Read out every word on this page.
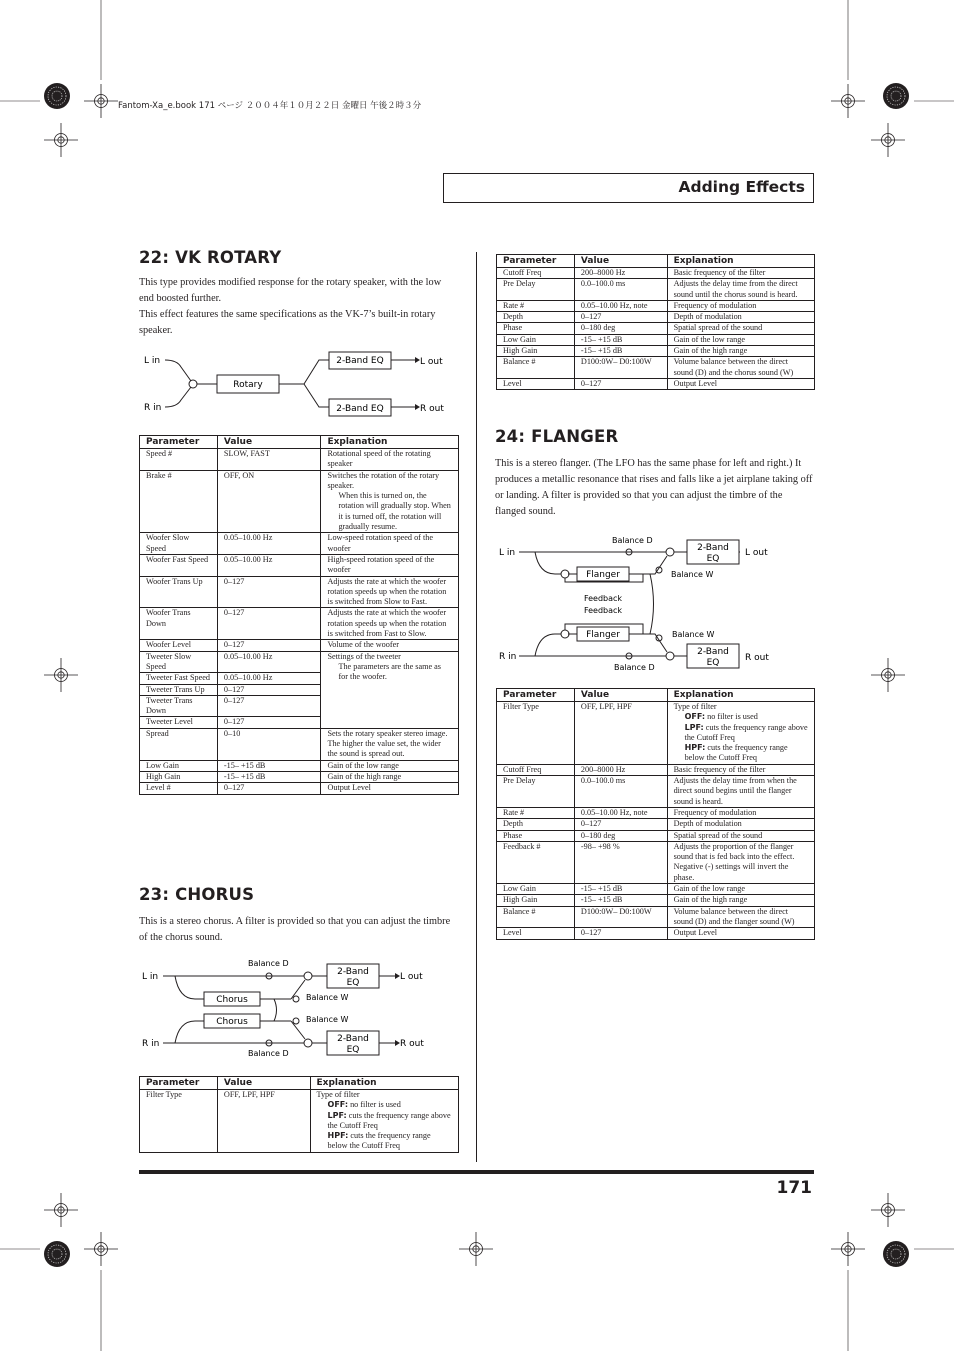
Fantom-Xa_e.book 171 ページ ２００４年１０月２２日 金曜日 午後２時３分
Adding Effects
22: VK ROTARY
This type provides modified response for the rotary speaker, with the low end boosted further.
This effect features the same specifications as the VK-7’s built-in rotary speaker.
L in
R in
Rotary
2-Band EQ
2-Band EQ
L out
R out
Parameter	Value	Explanation
Speed #	SLOW, FAST	Rotational speed of the rotating speaker
Brake #	OFF, ON	Switches the rotation of the rotary speaker.
When this is turned on, the rotation will gradually stop. When it is turned off, the rotation will gradually resume.

Woofer Slow Speed	0.05–10.00 Hz	Low-speed rotation speed of the woofer
Woofer Fast Speed	0.05–10.00 Hz	High-speed rotation speed of the woofer
Woofer Trans Up	0–127	Adjusts the rate at which the woofer rotation speeds up when the rotation is switched from Slow to Fast.
Woofer Trans Down	0–127	Adjusts the rate at which the woofer rotation speeds up when the rotation is switched from Fast to Slow.
Woofer Level	0–127	Volume of the woofer
Tweeter Slow Speed	0.05–10.00 Hz	Settings of the tweeter
The parameters are the same as for the woofer.

Tweeter Fast Speed	0.05–10.00 Hz	
Tweeter Trans Up	0–127	
Tweeter Trans Down	0–127	
Tweeter Level	0–127	
Spread	0–10	Sets the rotary speaker stereo image. The higher the value set, the wider the sound is spread out.
Low Gain	-15– +15 dB	Gain of the low range
High Gain	-15– +15 dB	Gain of the high range
Level #	0–127	Output Level
23: CHORUS
This is a stereo chorus. A filter is provided so that you can adjust the timbre of the chorus sound.
L in
R in
Chorus
Chorus
2-Band
EQ
2-Band
EQ
Balance D
Balance D
Balance W
Balance W
L out
R out
Parameter	Value	Explanation
Filter Type	OFF, LPF, HPF	Type of filter
OFF: no filter is used
LPF: cuts the frequency range above the Cutoff Freq
HPF: cuts the frequency range below the Cutoff Freq
Parameter	Value	Explanation
Cutoff Freq	200–8000 Hz	Basic frequency of the filter
Pre Delay	0.0–100.0 ms	Adjusts the delay time from the direct sound until the chorus sound is heard.
Rate #	0.05–10.00 Hz, note	Frequency of modulation
Depth	0–127	Depth of modulation
Phase	0–180 deg	Spatial spread of the sound
Low Gain	-15– +15 dB	Gain of the low range
High Gain	-15– +15 dB	Gain of the high range
Balance #	D100:0W– D0:100W	Volume balance between the direct sound (D) and the chorus sound (W)
Level	0–127	Output Level
24: FLANGER
This is a stereo flanger. (The LFO has the same phase for left and right.) It produces a metallic resonance that rises and falls like a jet airplane taking off or landing. A filter is provided so that you can adjust the timbre of the flanged sound.
L in
R in
Flanger
Flanger
Feedback
Feedback
2-Band
EQ
2-Band
EQ
Balance D
Balance D
Balance W
Balance W
L out
R out
Parameter	Value	Explanation
Filter Type	OFF, LPF, HPF	Type of filter
OFF: no filter is used
LPF: cuts the frequency range above the Cutoff Freq
HPF: cuts the frequency range below the Cutoff Freq

Cutoff Freq	200–8000 Hz	Basic frequency of the filter
Pre Delay	0.0–100.0 ms	Adjusts the delay time from when the direct sound begins until the flanger sound is heard.
Rate #	0.05–10.00 Hz, note	Frequency of modulation
Depth	0–127	Depth of modulation
Phase	0–180 deg	Spatial spread of the sound
Feedback #	-98– +98 %	Adjusts the proportion of the flanger sound that is fed back into the effect. Negative (-) settings will invert the phase.
Low Gain	-15– +15 dB	Gain of the low range
High Gain	-15– +15 dB	Gain of the high range
Balance #	D100:0W– D0:100W	Volume balance between the direct sound (D) and the flanger sound (W)
Level	0–127	Output Level
171
